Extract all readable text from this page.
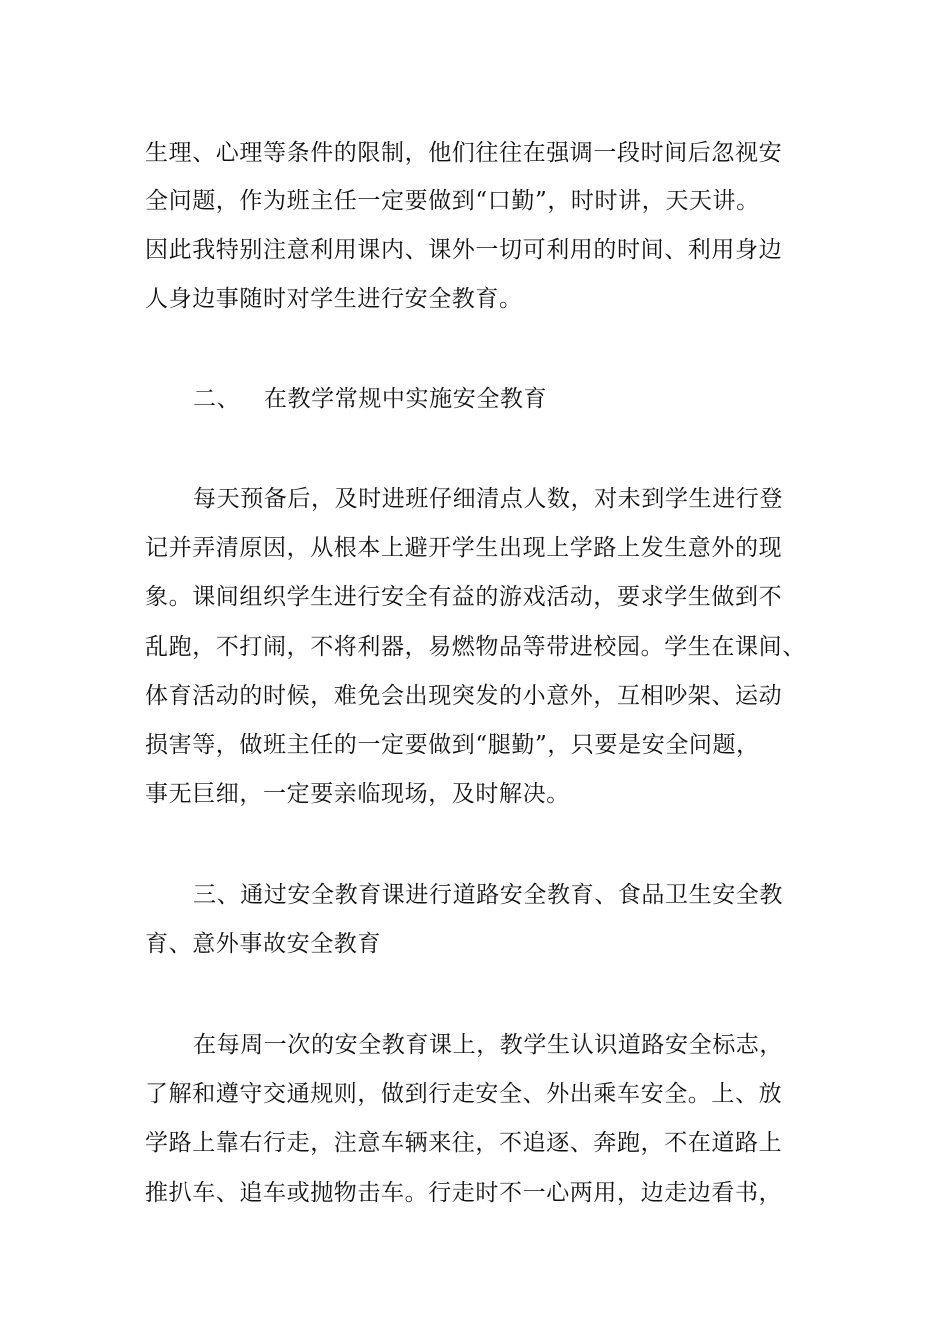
生理、心理等条件的限制，他们往往在强调一段时间后忽视安
全问题，作为班主任一定要做到“口勤”，时时讲，天天讲。
因此我特别注意利用课内、课外一切可利用的时间、利用身边
人身边事随时对学生进行安全教育。
二、   在教学常规中实施安全教育
每天预备后，及时进班仔细清点人数，对未到学生进行登
记并弄清原因，从根本上避开学生出现上学路上发生意外的现
象。课间组织学生进行安全有益的游戏活动，要求学生做到不
乱跑，不打闹，不将利器，易燃物品等带进校园。学生在课间、
体育活动的时候，难免会出现突发的小意外，互相吵架、运动
损害等，做班主任的一定要做到“腿勤”，只要是安全问题，
事无巨细，一定要亲临现场，及时解决。
三、通过安全教育课进行道路安全教育、食品卫生安全教
育、意外事故安全教育
在每周一次的安全教育课上，教学生认识道路安全标志，
了解和遵守交通规则，做到行走安全、外出乘车安全。上、放
学路上靠右行走，注意车辆来往，不追逐、奔跑，不在道路上
推扒车、追车或抛物击车。行走时不一心两用，边走边看书，
